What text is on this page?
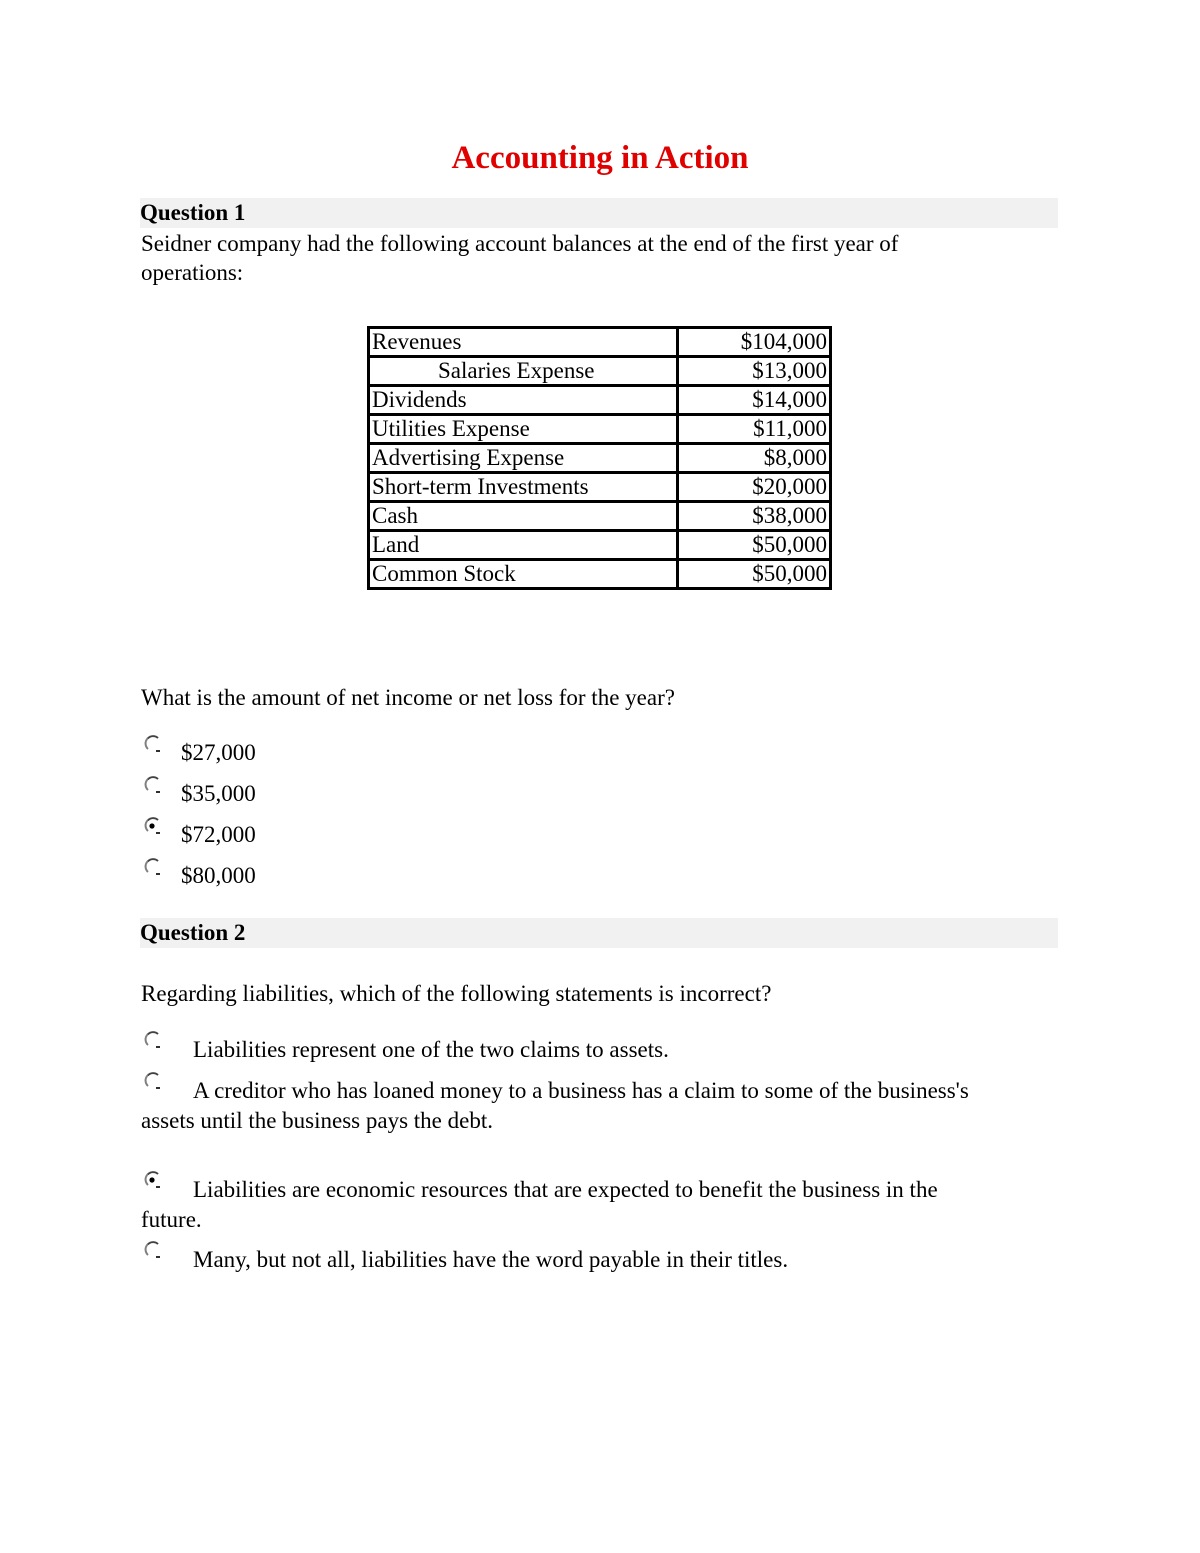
Accounting in Action
Question 1
Seidner company had the following account balances at the end of the first year of
operations:
Revenues	$104,000
Salaries Expense	$13,000
Dividends	$14,000
Utilities Expense	$11,000
Advertising Expense	$8,000
Short-term Investments	$20,000
Cash	$38,000
Land	$50,000
Common Stock	$50,000
What is the amount of net income or net loss for the year?
$27,000
$35,000
$72,000
$80,000
Question 2
Regarding liabilities, which of the following statements is incorrect?
Liabilities represent one of the two claims to assets.
A creditor who has loaned money to a business has a claim to some of the business's
assets until the business pays the debt.
Liabilities are economic resources that are expected to benefit the business in the
future.
Many, but not all, liabilities have the word payable in their titles.
